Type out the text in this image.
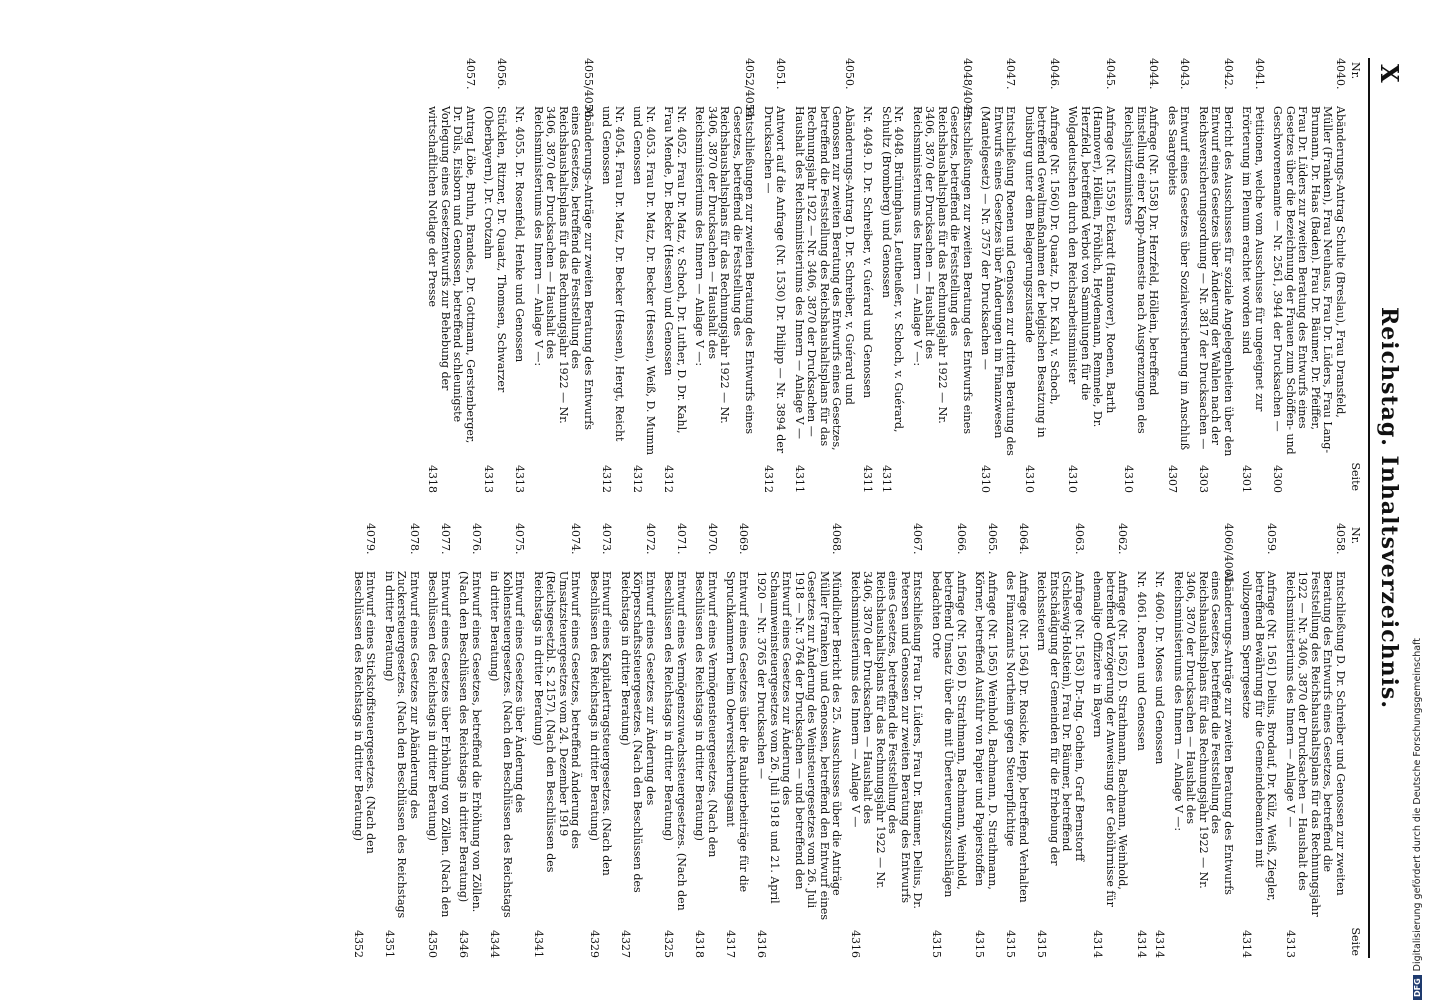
X
Reichstag. Inhaltsverzeichnis.
Nr.
Seite
4040.
Abänderungs-Antrag Schulte (Breslau), Frau Dransfeld, Müller (Franken), Frau Neuhaus, Frau Dr. Lüders, Frau Lang-Brumann, Dr. Haas (Baden). Frau Dr. Bäumer, Dr. Pfeiffer, Frau Dr. Lüders zur zweiten Beratung des Entwurfs eines Gesetzes über die Bezeichnung der Frauen zum Schöffen- und Geschworenenamte — Nr. 2561, 3944 der Drucksachen —
4300
4041.
Petitionen, welche vom Ausschusse für ungeeignet zur Erörterung im Plenum erachtet worden sind
4301
4042.
Bericht des Ausschusses für soziale Angelegenheiten über den Entwurf eines Gesetzes über Änderung der Wahlen nach der Reichsversicherungsordnung — Nr. 3817 der Drucksachen —
4303
4043.
Entwurf eines Gesetzes über Sozialversicherung im Anschluß des Saargebiets
4307
4044.
Anfrage (Nr. 1558) Dr. Herzfeld, Höllein, betreffend Einstellung einer Kapp-Amnestie nach Ausgrenzungen des Reichsjustizministers
4310
4045.
Anfrage (Nr. 1559) Eckardt (Hannover), Roenen, Barth (Hannover), Höllein, Fröhlich, Heydemann, Remmele, Dr. Herzfeld, betreffend Verbot von Sammlungen für die Wolgadeutschen durch den Reichsarbeitsminister
4310
4046.
Anfrage (Nr. 1560) Dr. Quaatz, D. Dr. Kahl, v. Schoch, betreffend Gewaltmaßnahmen der belgischen Besatzung in Duisburg unter dem Belagerungszustande
4310
4047.
Entschließung Roenen und Genossen zur dritten Beratung des Entwurfs eines Gesetzes über Änderungen im Finanzwesen (Mantelgesetz) — Nr. 3757 der Drucksachen —
4310
4048/4049.
Entschließungen zur zweiten Beratung des Entwurfs eines Gesetzes, betreffend die Feststellung des Reichshaushaltsplans für das Rechnungsjahr 1922 — Nr. 3406, 3870 der Drucksachen — Haushalt des Reichsministeriums des Innern — Anlage V —:
Nr. 4048. Brüninghaus, Leutheußer, v. Schoch, v. Guérard, Schultz (Bromberg) und Genossen
4311
Nr. 4049. D. Dr. Schreiber, v. Guérard und Genossen
4311
4050.
Abänderungs-Antrag D. Dr. Schreiber, v. Guérard und Genossen zur zweiten Beratung des Entwurfs eines Gesetzes, betreffend die Feststellung des Reichshaushaltsplans für das Rechnungsjahr 1922 — Nr. 3406, 3870 der Drucksachen — Haushalt des Reichsministeriums des Innern — Anlage V —
4311
4051.
Antwort auf die Anfrage (Nr. 1530) Dr. Philipp — Nr. 3894 der Drucksachen —
4312
4052/4054.
Entschließungen zur zweiten Beratung des Entwurfs eines Gesetzes, betreffend die Feststellung des Reichshaushaltsplans für das Rechnungsjahr 1922 — Nr. 3406, 3870 der Drucksachen — Haushalt des Reichsministeriums des Innern — Anlage V —:
Nr. 4052. Frau Dr. Matz, v. Schoch, Dr. Luther, D. Dr. Kahl, Frau Mende, Dr. Becker (Hessen) und Genossen
4312
Nr. 4053. Frau Dr. Matz, Dr. Becker (Hessen), Weiß, D. Mumm und Genossen
4312
Nr. 4054. Frau Dr. Matz, Dr. Becker (Hessen), Hergt, Reicht und Genossen
4312
4055/4056.
Abänderungs-Anträge zur zweiten Beratung des Entwurfs eines Gesetzes, betreffend die Feststellung des Reichshaushaltsplans für das Rechnungsjahr 1922 — Nr. 3406, 3870 der Drucksachen — Haushalt des Reichsministeriums des Innern — Anlage V —:
Nr. 4055. Dr. Rosenfeld, Henke und Genossen
4313
4056.
Stücklen, Ritzner, Dr. Quaatz, Thomsen, Schwarzer (Oberbayern), Dr. Crotzahn
4313
4057.
Antrag Löbe, Bruhn, Brandes, Dr. Gottmann, Gerstenberger, Dr. Düls, Eisborn und Genossen, betreffend schleunigste Vorlegung eines Gesetzentwurfs zur Behebung der wirtschaftlichen Notlage der Presse
4318
Nr.
Seite
4058.
Entschließung D. Dr. Schreiber und Genossen zur zweiten Beratung des Entwurfs eines Gesetzes, betreffend die Feststellung des Reichshaushaltsplans für das Rechnungsjahr 1922 — Nr. 3406, 3870 der Drucksachen — Haushalt des Reichsministeriums des Innern — Anlage V —
4313
4059.
Anfrage (Nr. 1561) Delius, Brodauf, Dr. Külz, Weiß, Ziegler, betreffend Bewährung für die Gemeindebeamten mit vollzogenem Sperrgesetze
4314
4060/4061.
Abänderungs-Anträge zur zweiten Beratung des Entwurfs eines Gesetzes, betreffend die Feststellung des Reichshaushaltsplans für das Rechnungsjahr 1922 — Nr. 3406, 3870 der Drucksachen — Haushalt des Reichsministeriums des Innern — Anlage V —:
Nr. 4060. Dr. Moses und Genossen
4314
Nr. 4061. Roenen und Genossen
4314
4062.
Anfrage (Nr. 1562) D. Strathmann, Bachmann, Weinhold, betreffend Verzögerung der Anweisung der Gebührnisse für ehemalige Offiziere in Bayern
4314
4063.
Anfrage (Nr. 1563) Dr.-Ing. Gothein, Graf Bernstorff (Schleswig-Holstein), Frau Dr. Bäumer, betreffend Entschädigung der Gemeinden für die Erhebung der Reichssteuern
4315
4064.
Anfrage (Nr. 1564) Dr. Rosicke, Hepp, betreffend Verhalten des Finanzamts Northeim gegen Steuerpflichtige
4315
4065.
Anfrage (Nr. 1565) Weinhold, Bachmann, D. Strathmann, Körner, betreffend Ausfuhr von Papier und Papierstoffen
4315
4066.
Anfrage (Nr. 1566) D. Strathmann, Bachmann, Weinhold, betreffend Umsatz über die mit Überteuerungszuschlägen bedachten Orte
4315
4067.
Entschließung Frau Dr. Lüders, Frau Dr. Bäumer, Delius, Dr. Petersen und Genossen zur zweiten Beratung des Entwurfs eines Gesetzes, betreffend die Feststellung des Reichshaushaltsplans für das Rechnungsjahr 1922 — Nr. 3406, 3870 der Drucksachen — Haushalt des Reichsministeriums des Innern — Anlage V —
4316
4068.
Mündlicher Bericht des 25. Ausschusses über die Anträge Müller (Franken) und Genossen, betreffend den Entwurf eines Gesetzes zur Änderung des Weinsteuergesetzes vom 26. Juli 1918 — Nr. 3764 der Drucksachen — und betreffend den Entwurf eines Gesetzes zur Änderung des Schaumweinsteuergesetzes vom 26. Juli 1918 und 21. April 1920 — Nr. 3765 der Drucksachen —
4316
4069.
Entwurf eines Gesetzes über die Raubtierbeiträge für die Spruchkammern beim Oberversicherungsamt
4317
4070.
Entwurf eines Vermögensteuergesetzes. (Nach den Beschlüssen des Reichstags in dritter Beratung)
4318
4071.
Entwurf eines Vermögenszuwachssteuergesetzes. (Nach den Beschlüssen des Reichstags in dritter Beratung)
4325
4072.
Entwurf eines Gesetzes zur Änderung des Körperschaftssteuergesetzes. (Nach den Beschlüssen des Reichstags in dritter Beratung)
4327
4073.
Entwurf eines Kapitalertragsteuergesetzes. (Nach den Beschlüssen des Reichstags in dritter Beratung)
4329
4074.
Entwurf eines Gesetzes, betreffend Änderung des Umsatzsteuergesetzes vom 24. Dezember 1919 (Reichsgesetzbl. S. 2157). (Nach den Beschlüssen des Reichstags in dritter Beratung)
4341
4075.
Entwurf eines Gesetzes über Änderung des Kohlensteuergesetzes. (Nach den Beschlüssen des Reichstags in dritter Beratung)
4344
4076.
Entwurf eines Gesetzes, betreffend die Erhöhung von Zöllen. (Nach den Beschlüssen des Reichstags in dritter Beratung)
4346
4077.
Entwurf eines Gesetzes über Erhöhung von Zöllen. (Nach den Beschlüssen des Reichstags in dritter Beratung)
4350
4078.
Entwurf eines Gesetzes zur Abänderung des Zuckersteuergesetzes. (Nach den Beschlüssen des Reichstags in dritter Beratung)
4351
4079.
Entwurf eines Stickstoffsteuergesetzes. (Nach den Beschlüssen des Reichstags in dritter Beratung)
4352
DFGDigitalisierung gefördert durch die Deutsche Forschungsgemeinschaft
